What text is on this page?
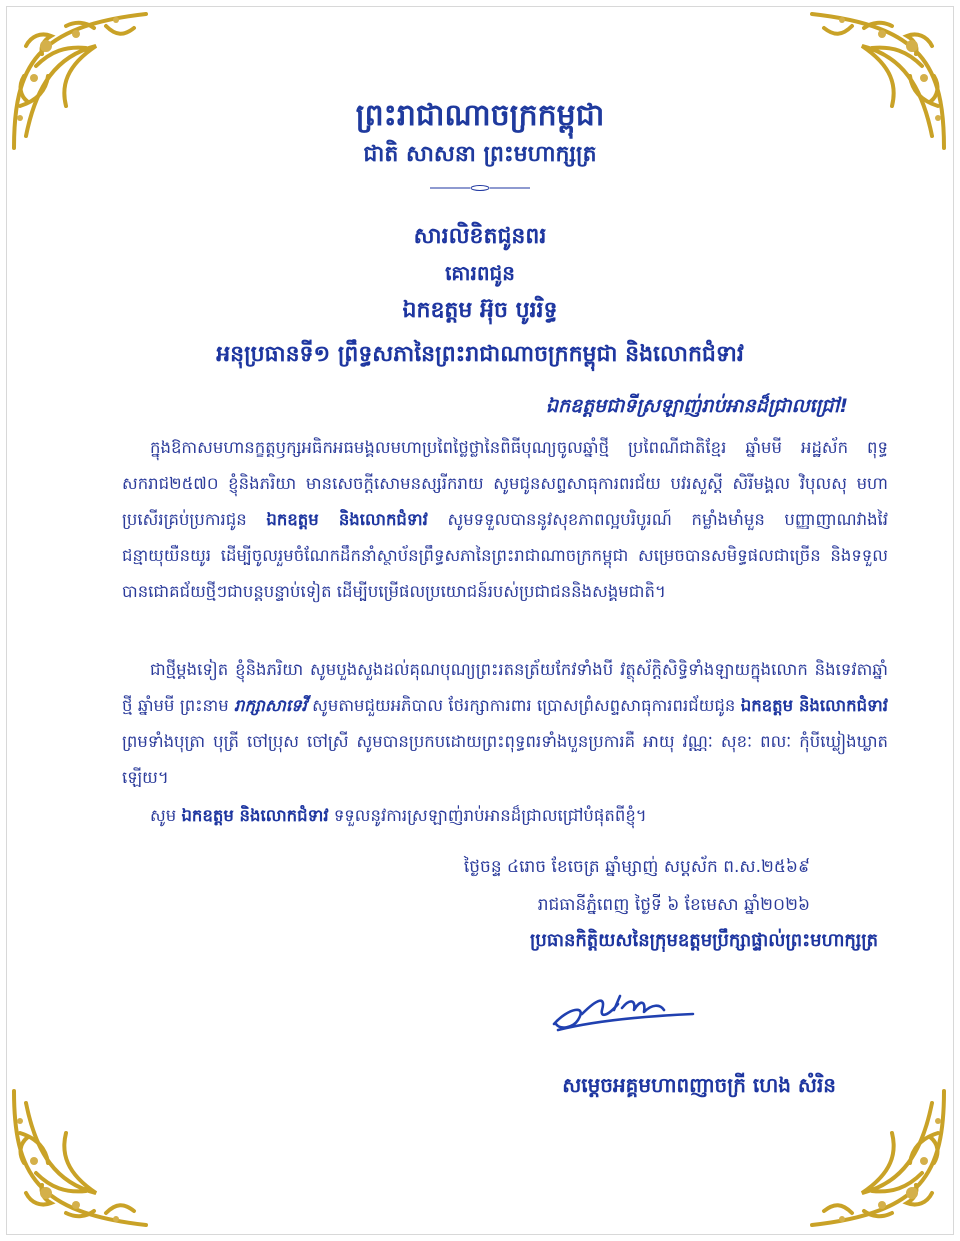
ព្រះរាជាណាចក្រកម្ពុជា
ជាតិ សាសនា ព្រះមហាក្សត្រ
សារលិខិតជូនពរ
គោរពជូន
ឯកឧត្តម អ៊ុច បូររិទ្ធ
អនុប្រធានទី១ ព្រឹទ្ធសភានៃព្រះរាជាណាចក្រកម្ពុជា និងលោកជំទាវ
ឯកឧត្តមជាទីស្រឡាញ់រាប់អានដ៏ជ្រាលជ្រៅ!
ក្នុងឱកាសមហានក្ខត្តឫក្សអធិកអធមង្គលមហាប្រពៃថ្លៃថ្លានៃពិធីបុណ្យចូលឆ្នាំថ្មី ប្រពៃណីជាតិខ្មែរ ឆ្នាំមមី អដ្ឋស័ក ពុទ្ធសករាជ២៥៧០ ខ្ញុំនិងភរិយា មានសេចក្តីសោមនស្សរីករាយ សូមជូនសព្ទសាធុការពរជ័យ បវរសួស្តី សិរីមង្គល វិបុលសុ មហាប្រសើរគ្រប់ប្រការជូន ឯកឧត្តម និងលោកជំទាវ សូមទទួលបាននូវសុខភាពល្អបរិបូរណ៍ កម្លាំងមាំមួន បញ្ញាញាណវាងវៃ ជន្មាយុយឺនយូរ ដើម្បីចូលរួមចំណែកដឹកនាំស្ថាប័នព្រឹទ្ធសភានៃព្រះរាជាណាចក្រកម្ពុជា សម្រេចបានសមិទ្ធផលជាច្រើន និងទទួលបានជោគជ័យថ្មីៗជាបន្តបន្ទាប់ទៀត ដើម្បីបម្រើផលប្រយោជន៍របស់ប្រជាជននិងសង្គមជាតិ។
ជាថ្មីម្តងទៀត ខ្ញុំនិងភរិយា សូមបួងសួងដល់គុណបុណ្យព្រះរតនត្រ័យកែវទាំងបី វត្ថុស័ក្តិសិទ្ធិទាំងឡាយក្នុងលោក និងទេវតាឆ្នាំថ្មី ឆ្នាំមមី ព្រះនាម រាក្សាសាទេវី សូមតាមជួយអភិបាល ថែរក្សាការពារ ប្រោសព្រំសព្ទសាធុការពរជ័យជូន ឯកឧត្តម និងលោកជំទាវព្រមទាំងបុត្រា បុត្រី ចៅប្រុស ចៅស្រី សូមបានប្រកបដោយព្រះពុទ្ធពរទាំងបួនប្រការគឺ អាយុ វណ្ណៈ សុខៈ ពលៈ កុំបីឃ្លៀងឃ្លាតឡើយ។
សូម ឯកឧត្តម និងលោកជំទាវ ទទួលនូវការស្រឡាញ់រាប់អានដ៏ជ្រាលជ្រៅបំផុតពីខ្ញុំ។
ថ្ងៃចន្ទ ៤រោច ខែចេត្រ ឆ្នាំម្សាញ់ សប្តស័ក ព.ស.២៥៦៩
រាជធានីភ្នំពេញ ថ្ងៃទី ៦ ខែមេសា ឆ្នាំ២០២៦
ប្រធានកិត្តិយសនៃក្រុមឧត្តមប្រឹក្សាផ្ទាល់ព្រះមហាក្សត្រ
សម្តេចអគ្គមហាពញាចក្រី ហេង សំរិន
